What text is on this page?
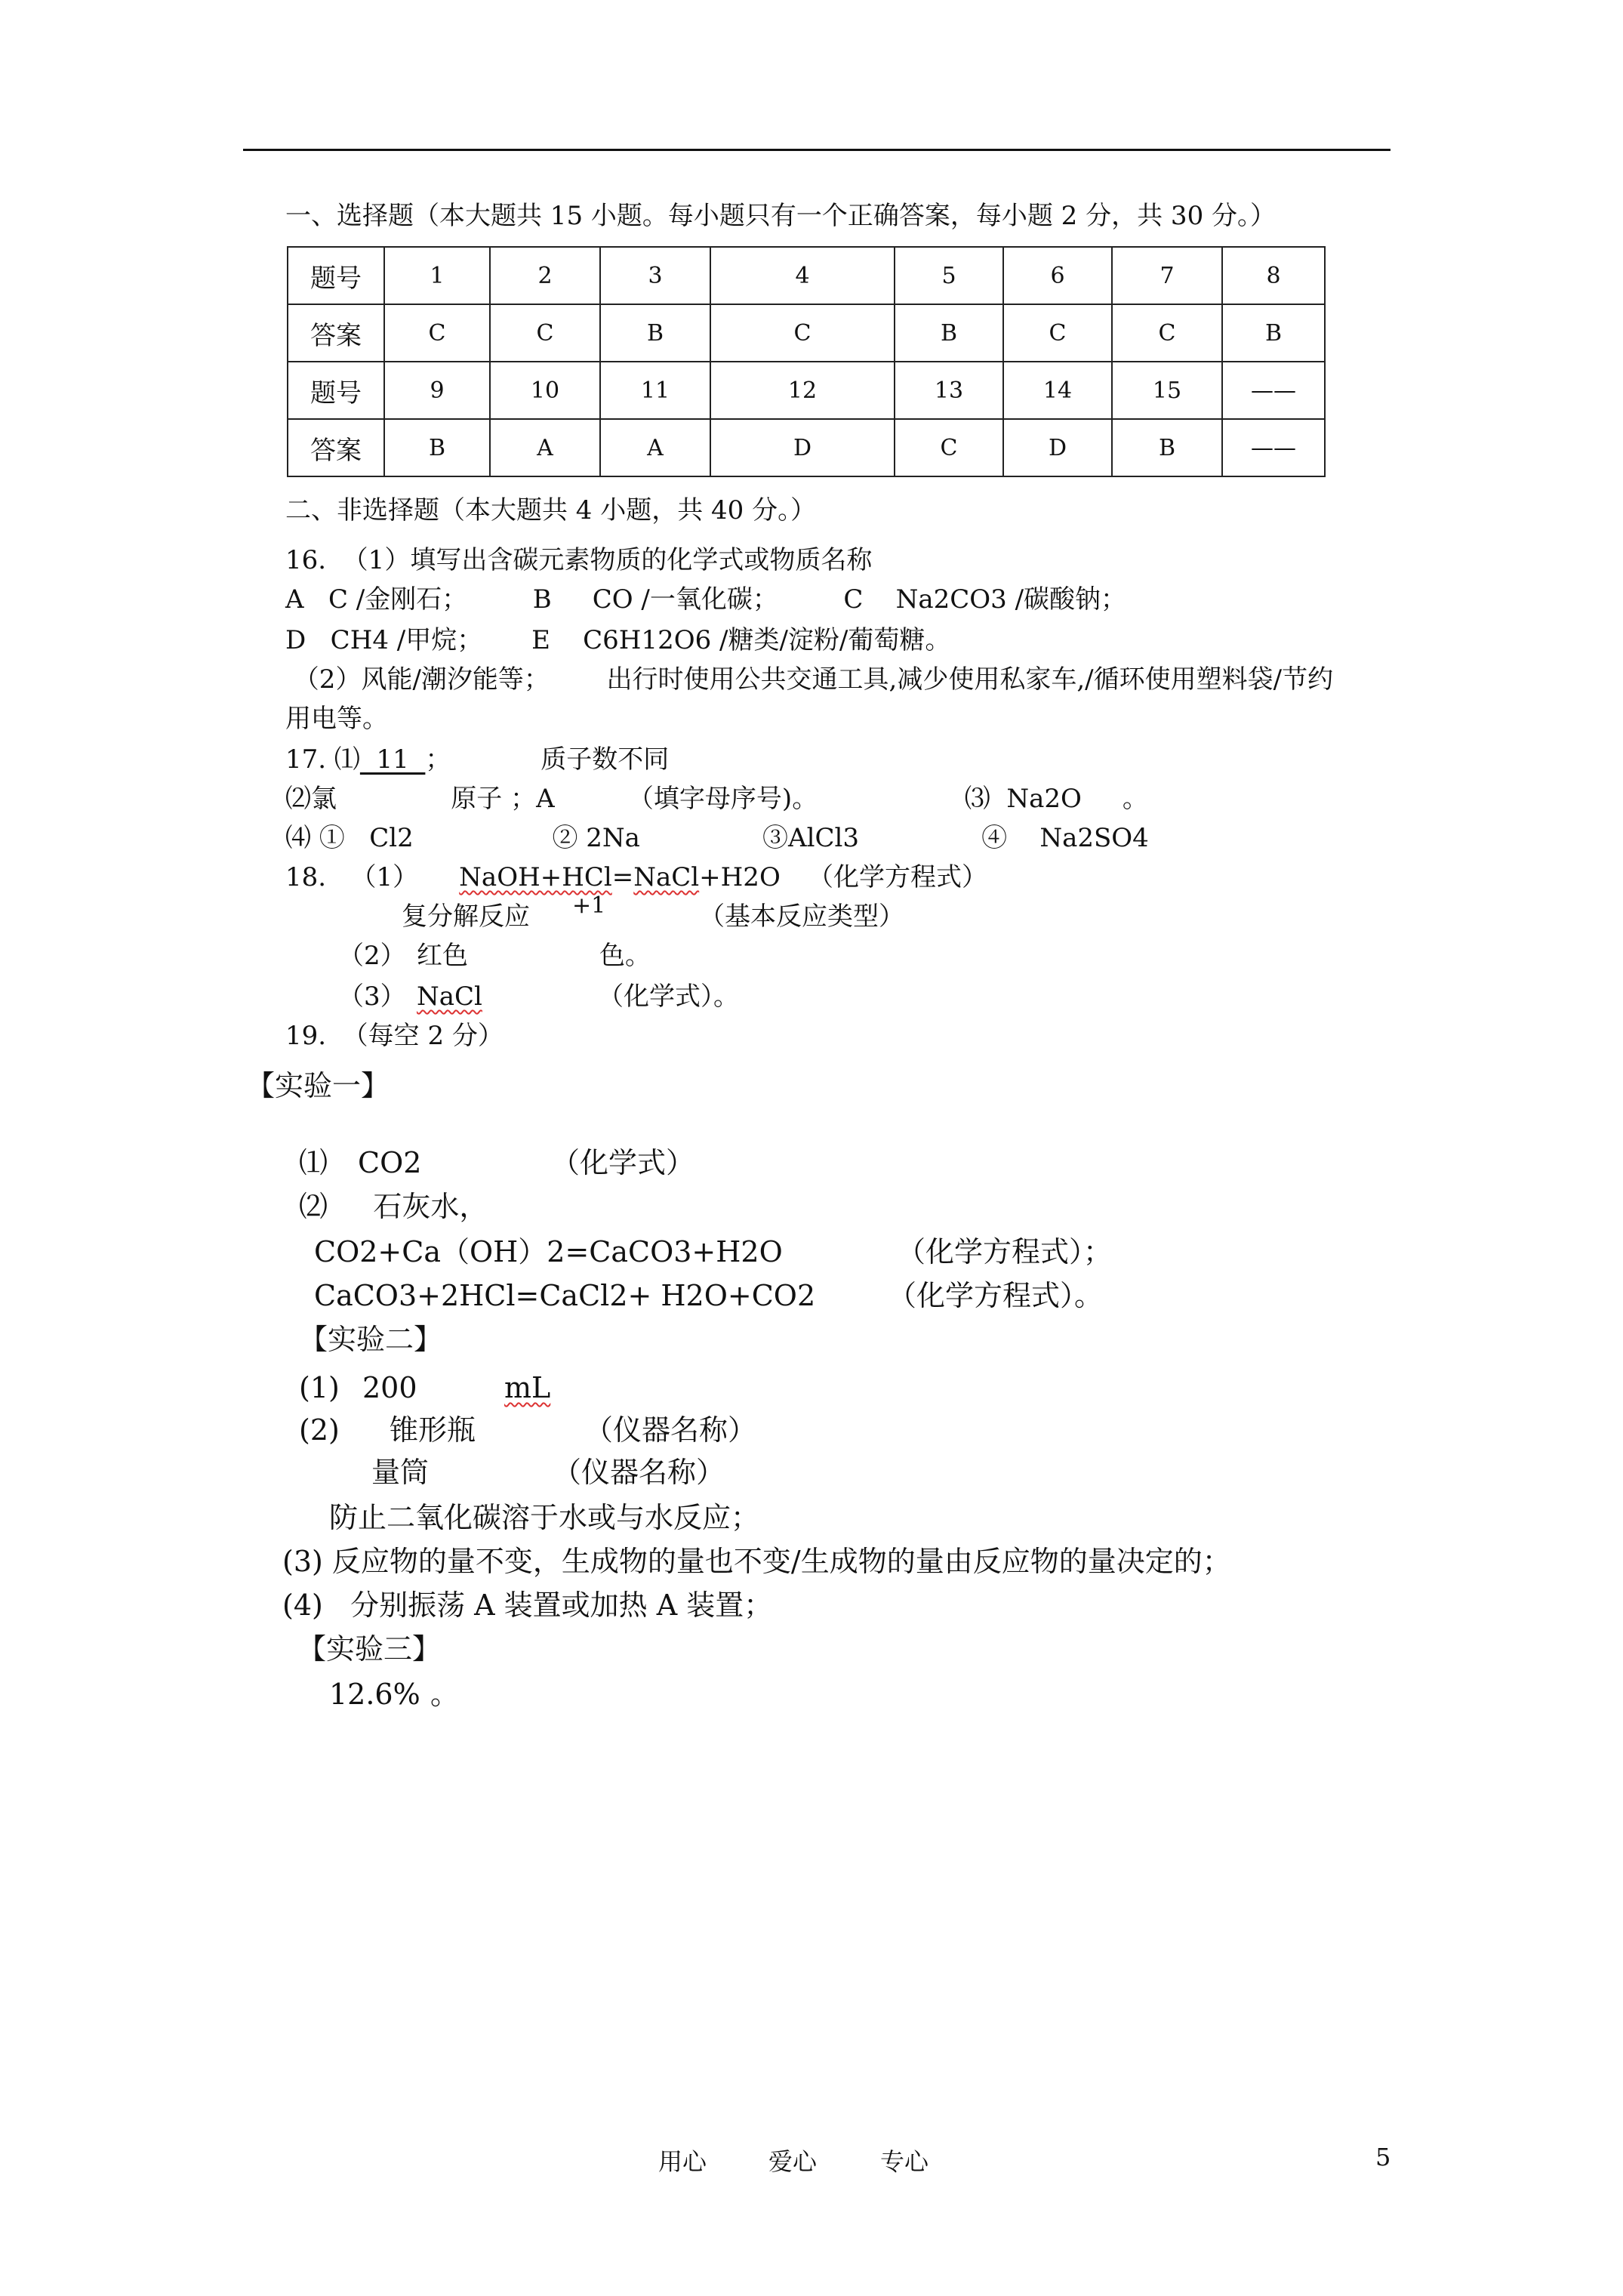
一、选择题（本大题共 15 小题。每小题只有一个正确答案，每小题 2 分，共 30 分。）
题号	1	2	3	4	5	6	7	8
答案	C	C	B	C	B	C	C	B
题号	9	10	11	12	13	14	15	——
答案	B	A	A	D	C	D	B	——
二、非选择题（本大题共 4 小题，共 40 分。）
16.  （1）填写出含碳元素物质的化学式或物质名称
A   C /金刚石；        B     CO /一氧化碳；        C    Na2CO3 /碳酸钠；
D   CH4 /甲烷；      E    C6H12O6 /糖类/淀粉/葡萄糖。
（2）风能/潮汐能等；       出行时使用公共交通工具,减少使用私家车,/循环使用塑料袋/节约
用电等。
17. ⑴  11  ；           质子数不同
⑵氯              原子 ；A         （填字母序号)。                  ⑶  Na2O     。
⑷ ①   Cl2                 ② 2Na               ③AlCl3               ④    Na2SO4
18.   （1）     NaOH+HCl=NaCl+H2O （化学方程式）
+1
复分解反应	（基本反应类型）
（2） 红色	色。
（3） NaCl	（化学式）。
19.  （每空 2 分）
【实验一】
⑴ CO2	（化学式）
⑵     石灰水，
CO2+Ca（OH）2=CaCO3+H2O	（化学方程式）；
CaCO3+2HCl=CaCl2+ H2O+CO2	（化学方程式）。
【实验二】
(1) 200	mL
(2) 锥形瓶	（仪器名称）
量筒	（仪器名称）
防止二氧化碳溶于水或与水反应；
(3) 反应物的量不变，生成物的量也不变/生成物的量由反应物的量决定的；
(4)   分别振荡 A 装置或加热 A 装置；
【实验三】
12.6% 。
用心	爱心	专心	5
